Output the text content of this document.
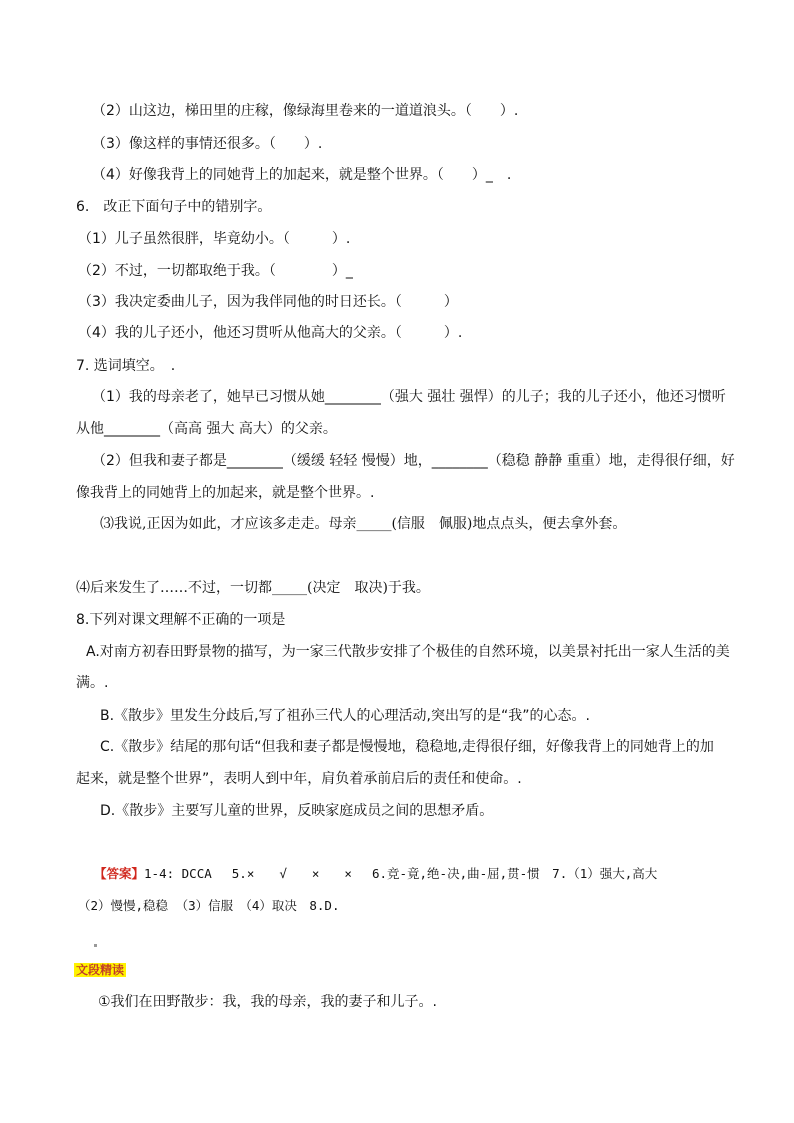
（2）山这边，梯田里的庄稼，像绿海里卷来的一道道浪头。（　　）.
（3）像这样的事情还很多。（　　）.
（4）好像我背上的同她背上的加起来，就是整个世界。（　　）_　.
6.　改正下面句子中的错别字。
（1）儿子虽然很胖，毕竟幼小。（　　　）.
（2）不过，一切都取绝于我。（　　　　）_
（3）我决定委曲儿子，因为我伴同他的时日还长。（　　　）
（4）我的儿子还小，他还习贯听从他高大的父亲。（　　　）.
7. 选词填空。　.
（1）我的母亲老了，她早已习惯从她________（强大 强壮 强悍）的儿子；我的儿子还小，他还习惯听
从他________（高高 强大 高大）的父亲。
（2）但我和妻子都是________（缓缓 轻轻 慢慢）地，________（稳稳 静静 重重）地，走得很仔细，好
像我背上的同她背上的加起来，就是整个世界。.
⑶我说,正因为如此，才应该多走走。母亲_____(信服　佩服)地点点头，便去拿外套。
⑷后来发生了……不过，一切都_____(决定　取决)于我。
8.下列对课文理解不正确的一项是
A.对南方初春田野景物的描写，为一家三代散步安排了个极佳的自然环境，以美景衬托出一家人生活的美
满。.
B.《散步》里发生分歧后,写了祖孙三代人的心理活动,突出写的是“我”的心态。.
C.《散步》结尾的那句话“但我和妻子都是慢慢地，稳稳地,走得很仔细，好像我背上的同她背上的加
起来，就是整个世界”，表明人到中年，肩负着承前启后的责任和使命。.
D.《散步》主要写儿童的世界，反映家庭成员之间的思想矛盾。
【答案】1-4: DCCA　 5.×　　√　　×　　×　 6.竞-竟,绝-决,曲-屈,贯-惯　7.（1）强大,高大
（2）慢慢,稳稳 （3）信服　（4）取决　8.D.
文段精读
①我们在田野散步：我，我的母亲，我的妻子和儿子。.
